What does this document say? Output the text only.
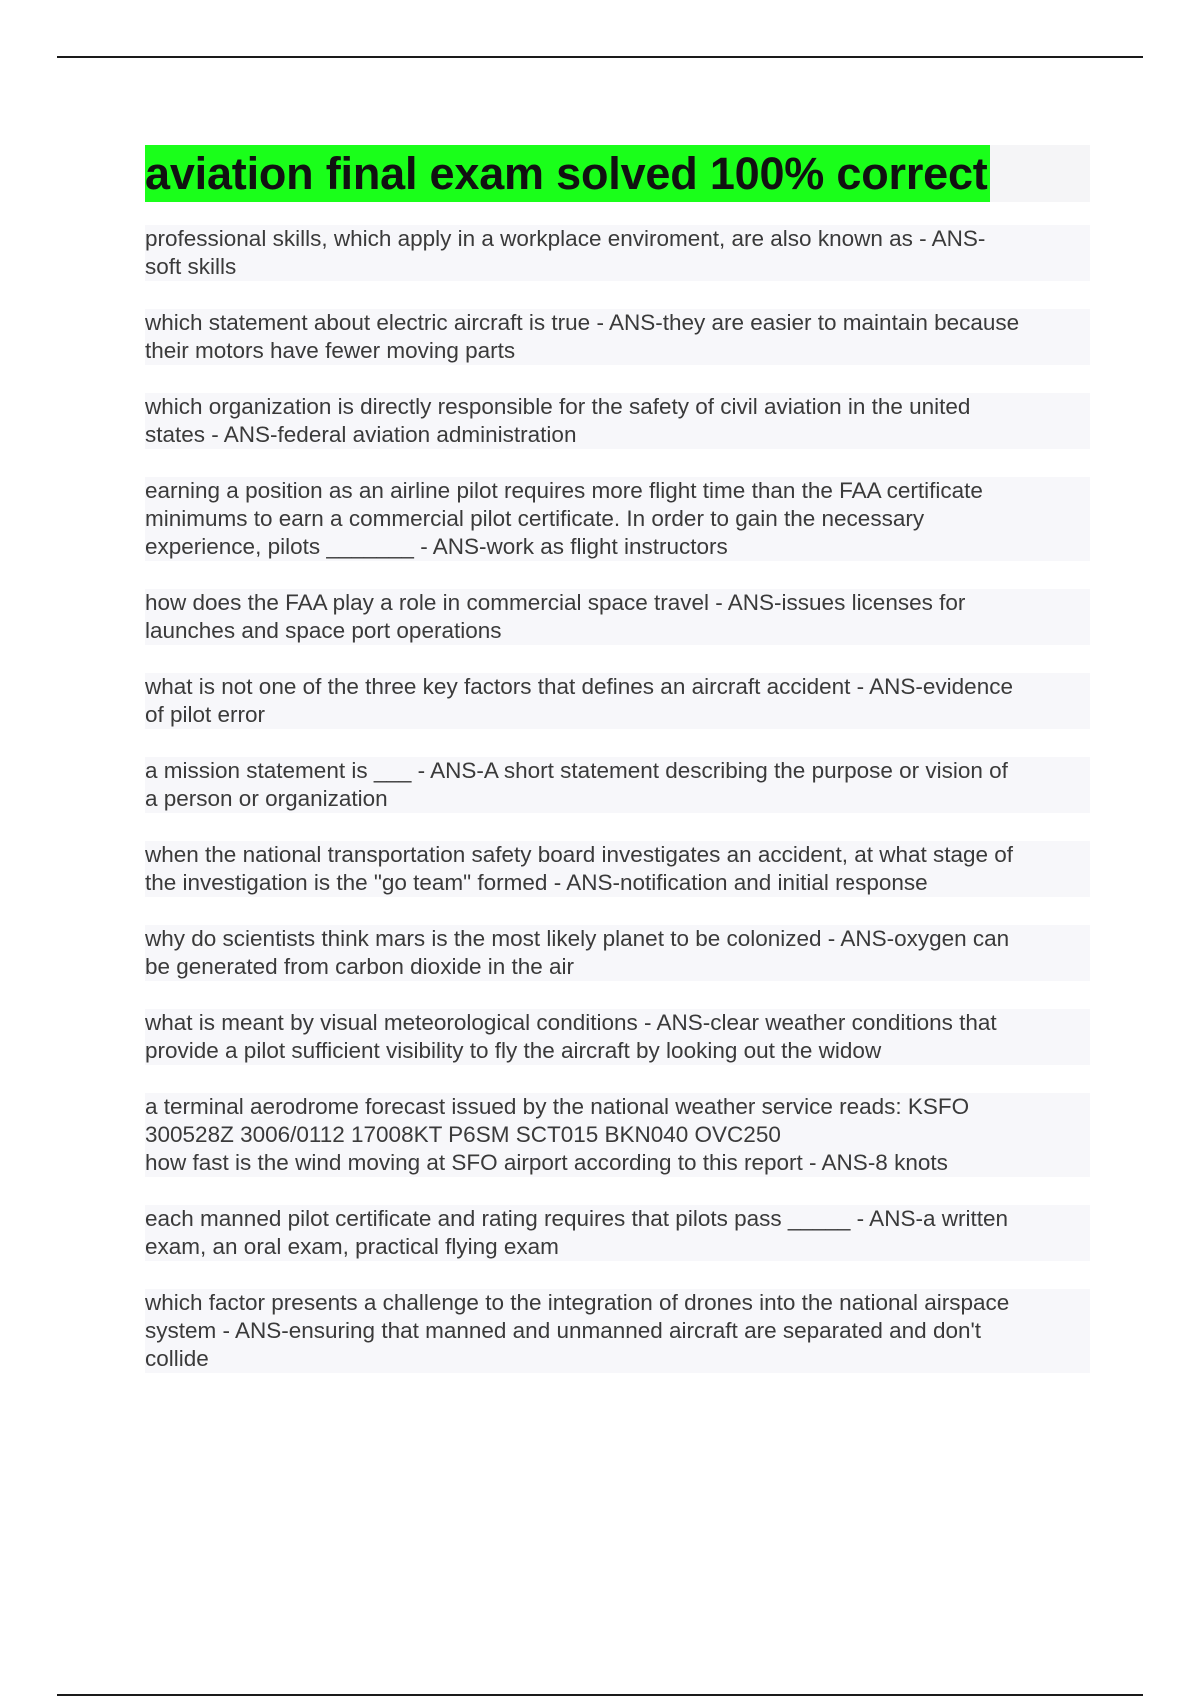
aviation final exam solved 100% correct
professional skills, which apply in a workplace enviroment, are also known as - ANS-
soft skills
which statement about electric aircraft is true - ANS-they are easier to maintain because
their motors have fewer moving parts
which organization is directly responsible for the safety of civil aviation in the united
states - ANS-federal aviation administration
earning a position as an airline pilot requires more flight time than the FAA certificate
minimums to earn a commercial pilot certificate. In order to gain the necessary
experience, pilots _______ - ANS-work as flight instructors
how does the FAA play a role in commercial space travel - ANS-issues licenses for
launches and space port operations
what is not one of the three key factors that defines an aircraft accident - ANS-evidence
of pilot error
a mission statement is ___ - ANS-A short statement describing the purpose or vision of
a person or organization
when the national transportation safety board investigates an accident, at what stage of
the investigation is the "go team" formed - ANS-notification and initial response
why do scientists think mars is the most likely planet to be colonized - ANS-oxygen can
be generated from carbon dioxide in the air
what is meant by visual meteorological conditions - ANS-clear weather conditions that
provide a pilot sufficient visibility to fly the aircraft by looking out the widow
a terminal aerodrome forecast issued by the national weather service reads: KSFO
300528Z 3006/0112 17008KT P6SM SCT015 BKN040 OVC250
how fast is the wind moving at SFO airport according to this report - ANS-8 knots
each manned pilot certificate and rating requires that pilots pass _____ - ANS-a written
exam, an oral exam, practical flying exam
which factor presents a challenge to the integration of drones into the national airspace
system - ANS-ensuring that manned and unmanned aircraft are separated and don't
collide
